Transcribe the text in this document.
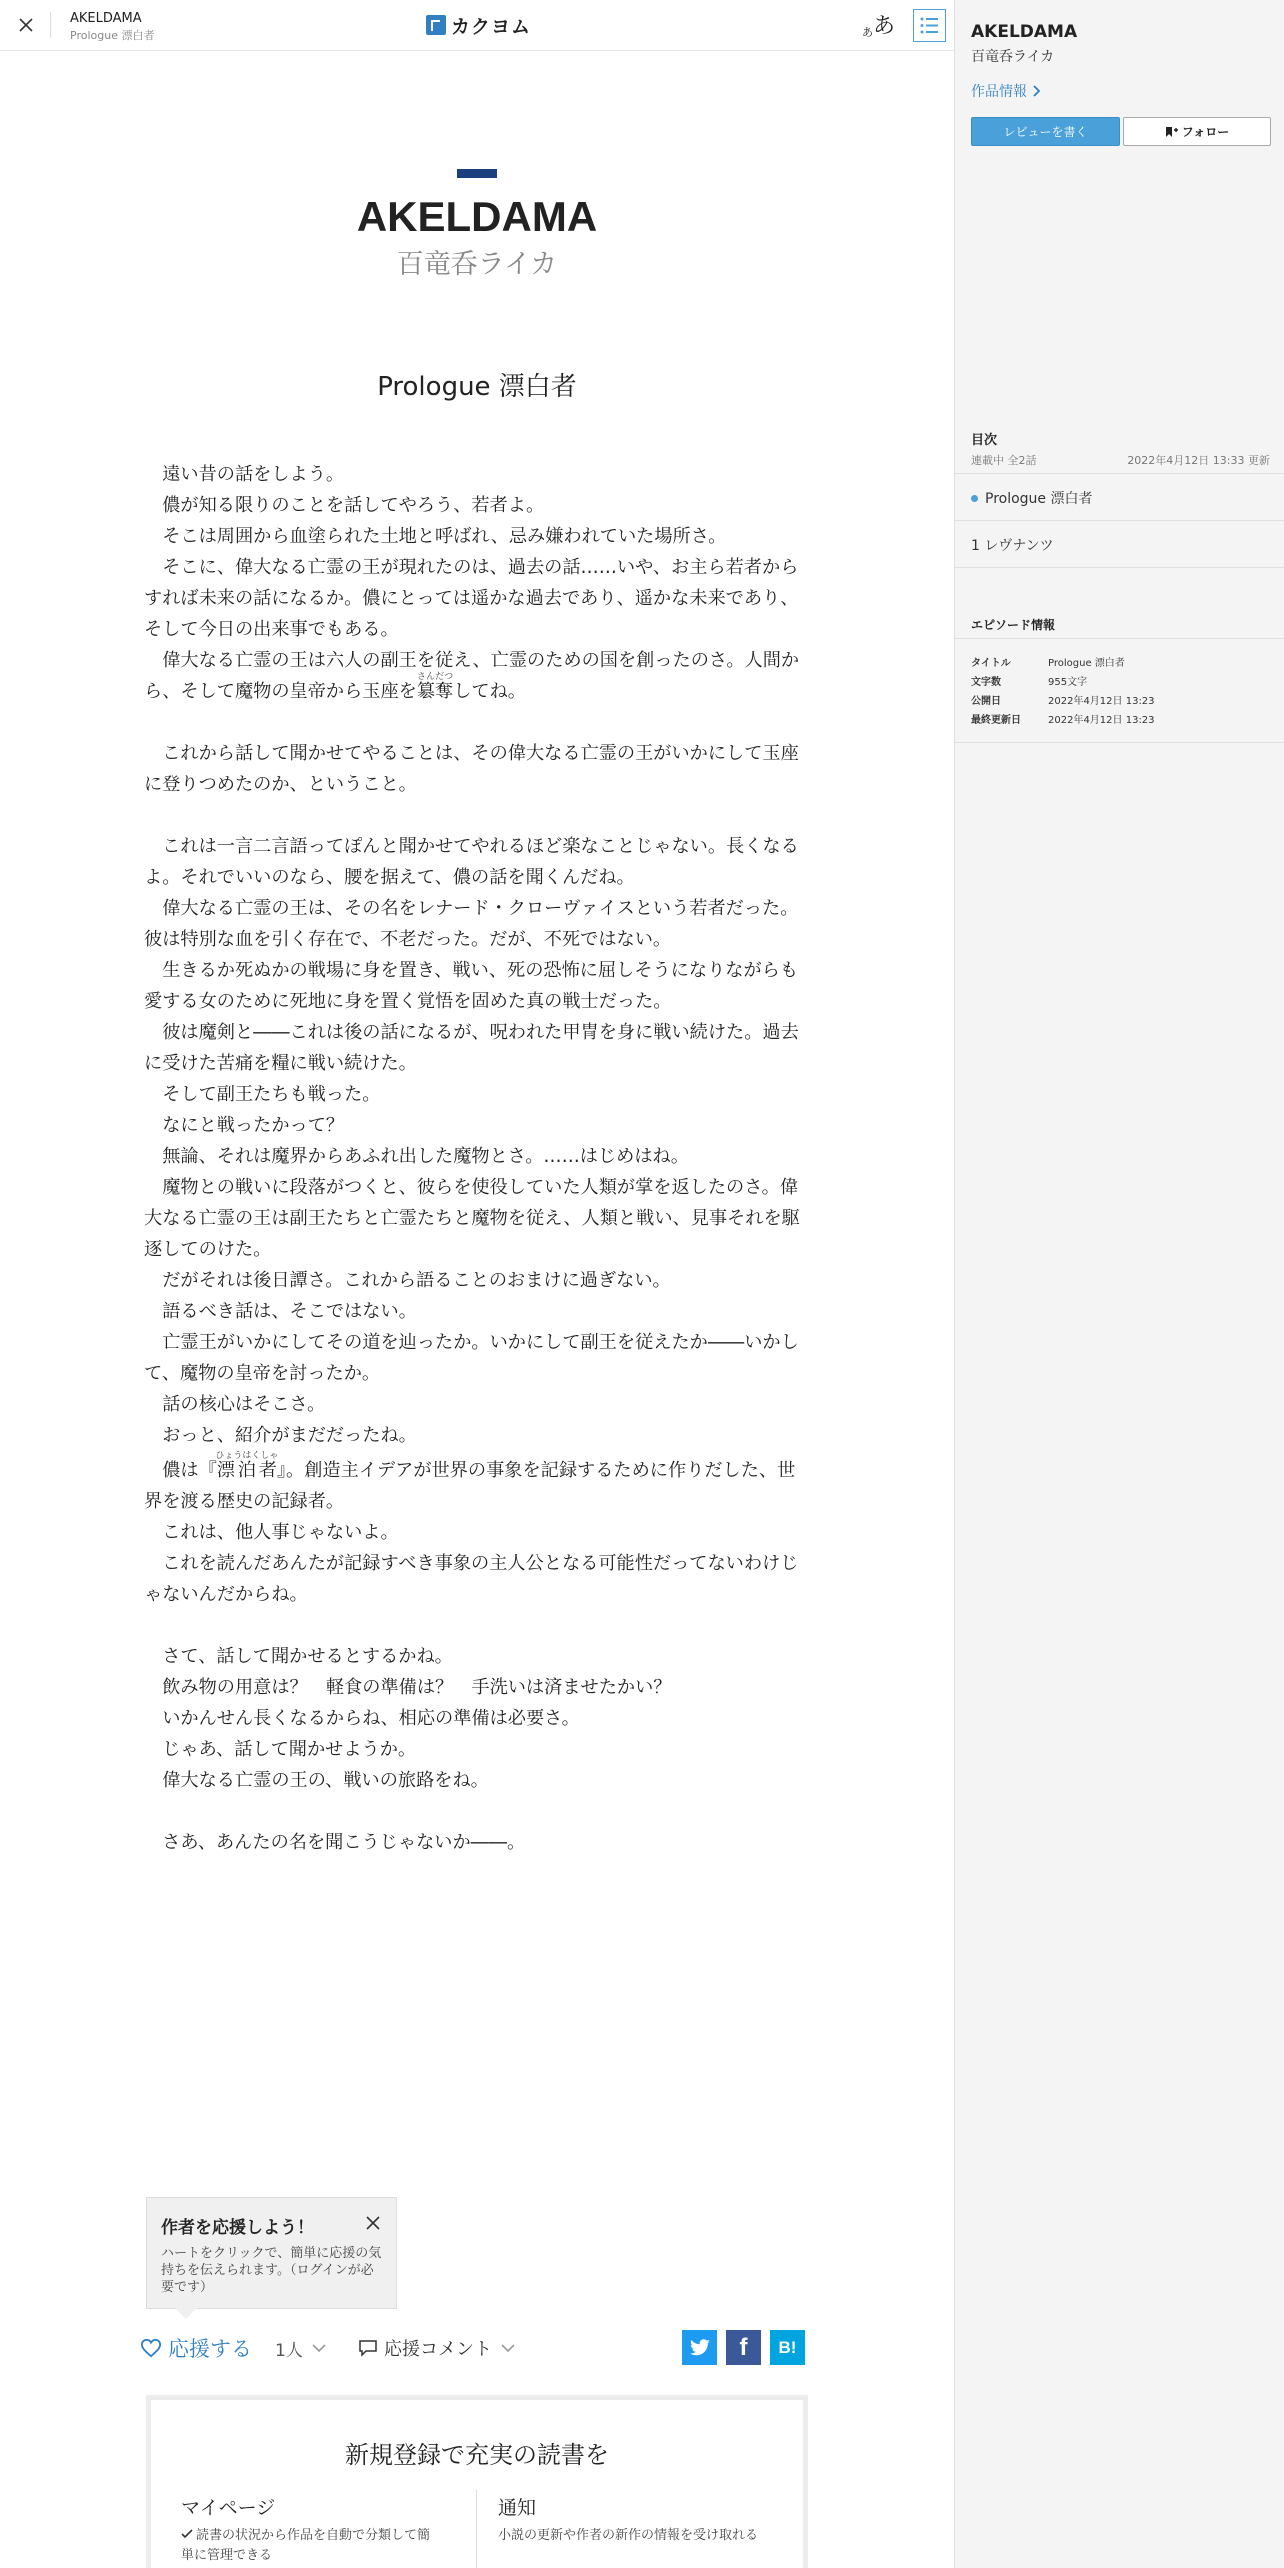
AKELDAMA
Prologue 漂白者	カクヨム	あ あ
AKELDAMA
百竜呑ライカ
Prologue 漂白者

遠い昔の話をしよう。

儂が知る限りのことを話してやろう、若者よ。

そこは周囲から血塗られた土地と呼ばれ、忌み嫌われていた場所さ。

そこに、偉大なる亡霊の王が現れたのは、過去の話……いや、お主ら若者からすれば未来の話になるか。儂にとっては遥かな過去であり、遥かな未来であり、そして今日の出来事でもある。

偉大なる亡霊の王は六人の副王を従え、亡霊のための国を創ったのさ。人間から、そして魔物の皇帝から玉座を簒奪さんだつしてね。

これから話して聞かせてやることは、その偉大なる亡霊の王がいかにして玉座に登りつめたのか、ということ。

これは一言二言語ってぽんと聞かせてやれるほど楽なことじゃない。長くなるよ。それでいいのなら、腰を据えて、儂の話を聞くんだね。

偉大なる亡霊の王は、その名をレナード・クローヴァイスという若者だった。彼は特別な血を引く存在で、不老だった。だが、不死ではない。

生きるか死ぬかの戦場に身を置き、戦い、死の恐怖に屈しそうになりながらも愛する女のために死地に身を置く覚悟を固めた真の戦士だった。

彼は魔剣と――これは後の話になるが、呪われた甲冑を身に戦い続けた。過去に受けた苦痛を糧に戦い続けた。

そして副王たちも戦った。

なにと戦ったかって？

無論、それは魔界からあふれ出した魔物とさ。……はじめはね。

魔物との戦いに段落がつくと、彼らを使役していた人類が掌を返したのさ。偉大なる亡霊の王は副王たちと亡霊たちと魔物を従え、人類と戦い、見事それを駆逐してのけた。

だがそれは後日譚さ。これから語ることのおまけに過ぎない。

語るべき話は、そこではない。

亡霊王がいかにしてその道を辿ったか。いかにして副王を従えたか――いかして、魔物の皇帝を討ったか。

話の核心はそこさ。

おっと、紹介がまだだったね。

儂は『漂泊者ひょうはくしゃ』。創造主イデアが世界の事象を記録するために作りだした、世界を渡る歴史の記録者。

これは、他人事じゃないよ。

これを読んだあんたが記録すべき事象の主人公となる可能性だってないわけじゃないんだからね。

さて、話して聞かせるとするかね。

飲み物の用意は？　軽食の準備は？　手洗いは済ませたかい？

いかんせん長くなるからね、相応の準備は必要さ。

じゃあ、話して聞かせようか。

偉大なる亡霊の王の、戦いの旅路をね。

さあ、あんたの名を聞こうじゃないか――。

作者を応援しよう！
ハートをクリックで、簡単に応援の気持ちを伝えられます。（ログインが必要です）
応援する 1人	応援コメント	f B!
新規登録で充実の読書を
マイページ
読書の状況から作品を自動で分類して簡単に管理できる
通知
小説の更新や作者の新作の情報を受け取れる
AKELDAMA
百竜呑ライカ
作品情報
レビューを書く	フォロー
目次
連載中 全2話	2022年4月12日 13:33 更新
Prologue 漂白者
1 レヴナンツ
エピソード情報
タイトル	Prologue 漂白者
文字数	955文字
公開日	2022年4月12日 13:23
最終更新日	2022年4月12日 13:23
